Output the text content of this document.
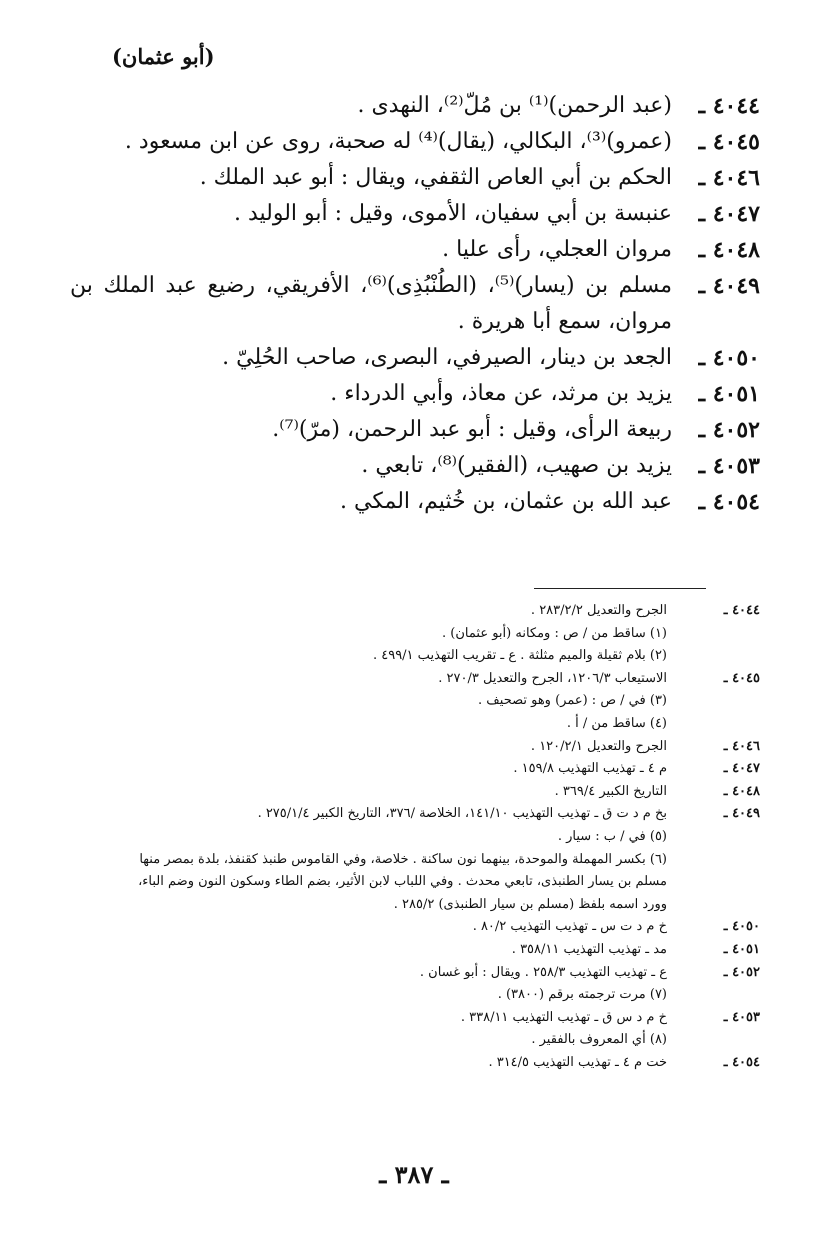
(أبو عثمان)
٤٠٤٤ ـ
(عبد الرحمن)⁽¹⁾ بن مُلّ⁽²⁾، النهدى .
٤٠٤٥ ـ
(عمرو)⁽³⁾، البكالي، (يقال)⁽⁴⁾ له صحبة، روى عن ابن مسعود .
٤٠٤٦ ـ
الحكم بن أبي العاص الثقفي، ويقال : أبو عبد الملك .
٤٠٤٧ ـ
عنبسة بن أبي سفيان، الأموى، وقيل : أبو الوليد .
٤٠٤٨ ـ
مروان العجلي، رأى عليا .
٤٠٤٩ ـ
مسلم بن (يسار)⁽⁵⁾، (الطُنْبُذِى)⁽⁶⁾، الأفريقي، رضيع عبد الملك بن مروان، سمع أبا هريرة .
٤٠٥٠ ـ
الجعد بن دينار، الصيرفي، البصرى، صاحب الحُلِيّ .
٤٠٥١ ـ
يزيد بن مرثد، عن معاذ، وأبي الدرداء .
٤٠٥٢ ـ
ربيعة الرأى، وقيل : أبو عبد الرحمن، (مرّ)⁽⁷⁾.
٤٠٥٣ ـ
يزيد بن صهيب، (الفقير)⁽⁸⁾، تابعي .
٤٠٥٤ ـ
عبد الله بن عثمان، بن خُثيم، المكي .
٤٠٤٤ ـ
الجرح والتعديل ٢٨٣/٢/٢ .
(١) ساقط من / ص : ومكانه (أبو عثمان) .
(٢) بلام ثقيلة والميم مثلثة . ع ـ تقريب التهذيب ٤٩٩/١ .
٤٠٤٥ ـ
الاستيعاب ١٢٠٦/٣، الجرح والتعديل ٢٧٠/٣ .
(٣) في / ص : (عمر) وهو تصحيف .
(٤) ساقط من / أ .
٤٠٤٦ ـ
الجرح والتعديل ١٢٠/٢/١ .
٤٠٤٧ ـ
م ٤ ـ تهذيب التهذيب ١٥٩/٨ .
٤٠٤٨ ـ
التاريخ الكبير ٣٦٩/٤ .
٤٠٤٩ ـ
بخ م د ت ق ـ تهذيب التهذيب ١٤١/١٠، الخلاصة /٣٧٦، التاريخ الكبير ٢٧٥/١/٤ .
(٥) في / ب : سيار .
(٦) بكسر المهملة والموحدة، بينهما نون ساكنة . خلاصة، وفي القاموس طنبذ كقنفذ، بلدة بمصر منها
مسلم بن يسار الطنبذى، تابعي محدث . وفي اللباب لابن الأثير، بضم الطاء وسكون النون وضم الباء،
وورد اسمه بلفظ (مسلم بن سيار الطنبذى) ٢٨٥/٢ .
٤٠٥٠ ـ
خ م د ت س ـ تهذيب التهذيب ٨٠/٢ .
٤٠٥١ ـ
مد ـ تهذيب التهذيب ٣٥٨/١١ .
٤٠٥٢ ـ
ع ـ تهذيب التهذيب ٢٥٨/٣ . ويقال : أبو غسان .
(٧) مرت ترجمته برقم (٣٨٠٠) .
٤٠٥٣ ـ
خ م د س ق ـ تهذيب التهذيب ٣٣٨/١١ .
(٨) أي المعروف بالفقير .
٤٠٥٤ ـ
خت م ٤ ـ تهذيب التهذيب ٣١٤/٥ .
ـ ٣٨٧ ـ
